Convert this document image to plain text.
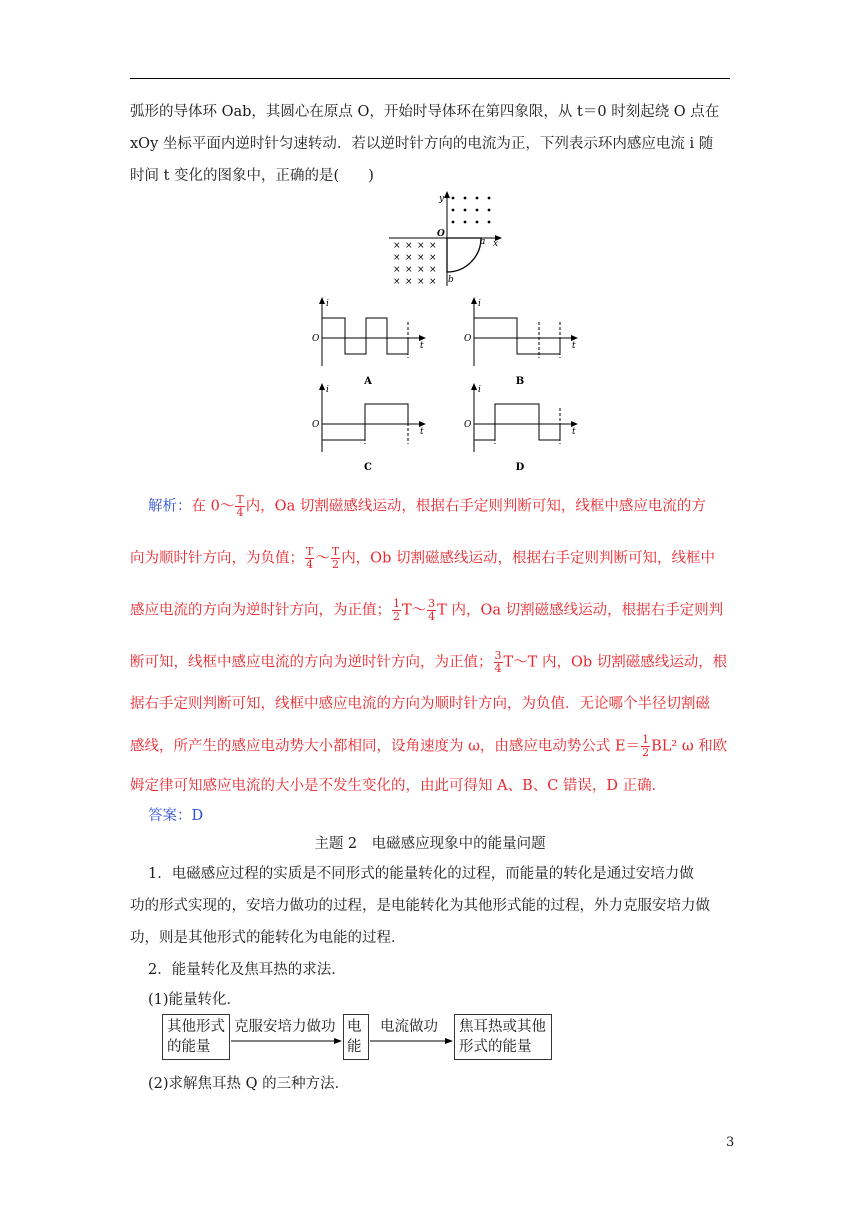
弧形的导体环 Oab，其圆心在原点 O，开始时导体环在第四象限，从 t＝0 时刻起绕 O 点在
xOy 坐标平面内逆时针匀速转动．若以逆时针方向的电流为正，下列表示环内感应电流 i 随
时间 t 变化的图象中，正确的是(　　)
y
x
O
× × × ×
× × × ×
× × × ×
× × × ×
a
b
i
t
O
A
i
t
O
B
i
t
O
C
i
t
O
D
解析：在 0～ $\frac{T}{4}$ 内，Oa 切割磁感线运动，根据右手定则判断可知，线框中感应电流的方
向为顺时针方向，为负值； $\frac{T}{4}$ ～ $\frac{T}{2}$ 内，Ob 切割磁感线运动，根据右手定则判断可知，线框中
感应电流的方向为逆时针方向，为正值； $\frac{1}{2}$ T～ $\frac{3}{4}$ T 内，Oa 切割磁感线运动，根据右手定则判
断可知，线框中感应电流的方向为逆时针方向，为正值； $\frac{3}{4}$ T～T 内，Ob 切割磁感线运动，根
据右手定则判断可知，线框中感应电流的方向为顺时针方向，为负值．无论哪个半径切割磁
感线，所产生的感应电动势大小都相同，设角速度为 ω，由感应电动势公式 $E= \frac{1}{2} BL^2$ ω 和欧
姆定律可知感应电流的大小是不发生变化的，由此可得知 A、B、C 错误，D 正确．
答案：D
主题 2　电磁感应现象中的能量问题
1．电磁感应过程的实质是不同形式的能量转化的过程，而能量的转化是通过安培力做
功的形式实现的，安培力做功的过程，是电能转化为其他形式能的过程，外力克服安培力做
功，则是其他形式的能转化为电能的过程．
2．能量转化及焦耳热的求法．
(1)能量转化．
其他形式
的能量
克服安培力做功 电
能
电流做功 焦耳热或其他
形式的能量
(2)求解焦耳热 Q 的三种方法．
3
